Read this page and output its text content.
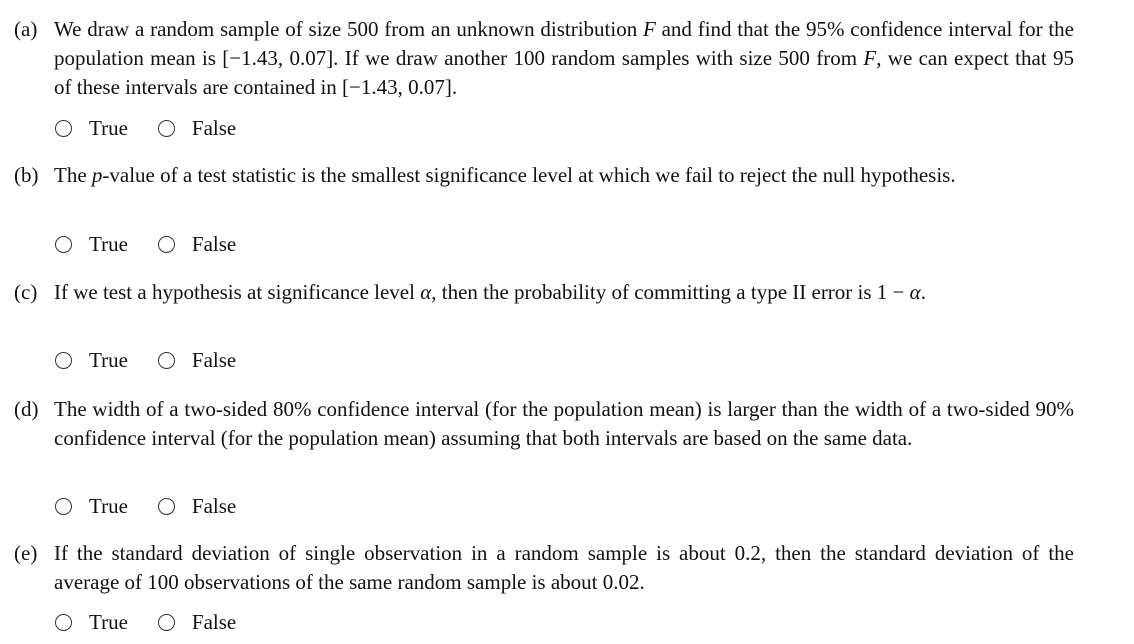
(a) We draw a random sample of size 500 from an unknown distribution F and find that the 95% confidence interval for the population mean is [−1.43, 0.07]. If we draw another 100 random samples with size 500 from F, we can expect that 95 of these intervals are contained in [−1.43, 0.07].
True	False
(b) The p-value of a test statistic is the smallest significance level at which we fail to reject the null hypothesis.
True	False
(c) If we test a hypothesis at significance level α, then the probability of committing a type II error is 1 − α.
True	False
(d) The width of a two-sided 80% confidence interval (for the population mean) is larger than the width of a two-sided 90% confidence interval (for the population mean) assuming that both intervals are based on the same data.
True	False
(e) If the standard deviation of single observation in a random sample is about 0.2, then the standard deviation of the average of 100 observations of the same random sample is about 0.02.
True	False
